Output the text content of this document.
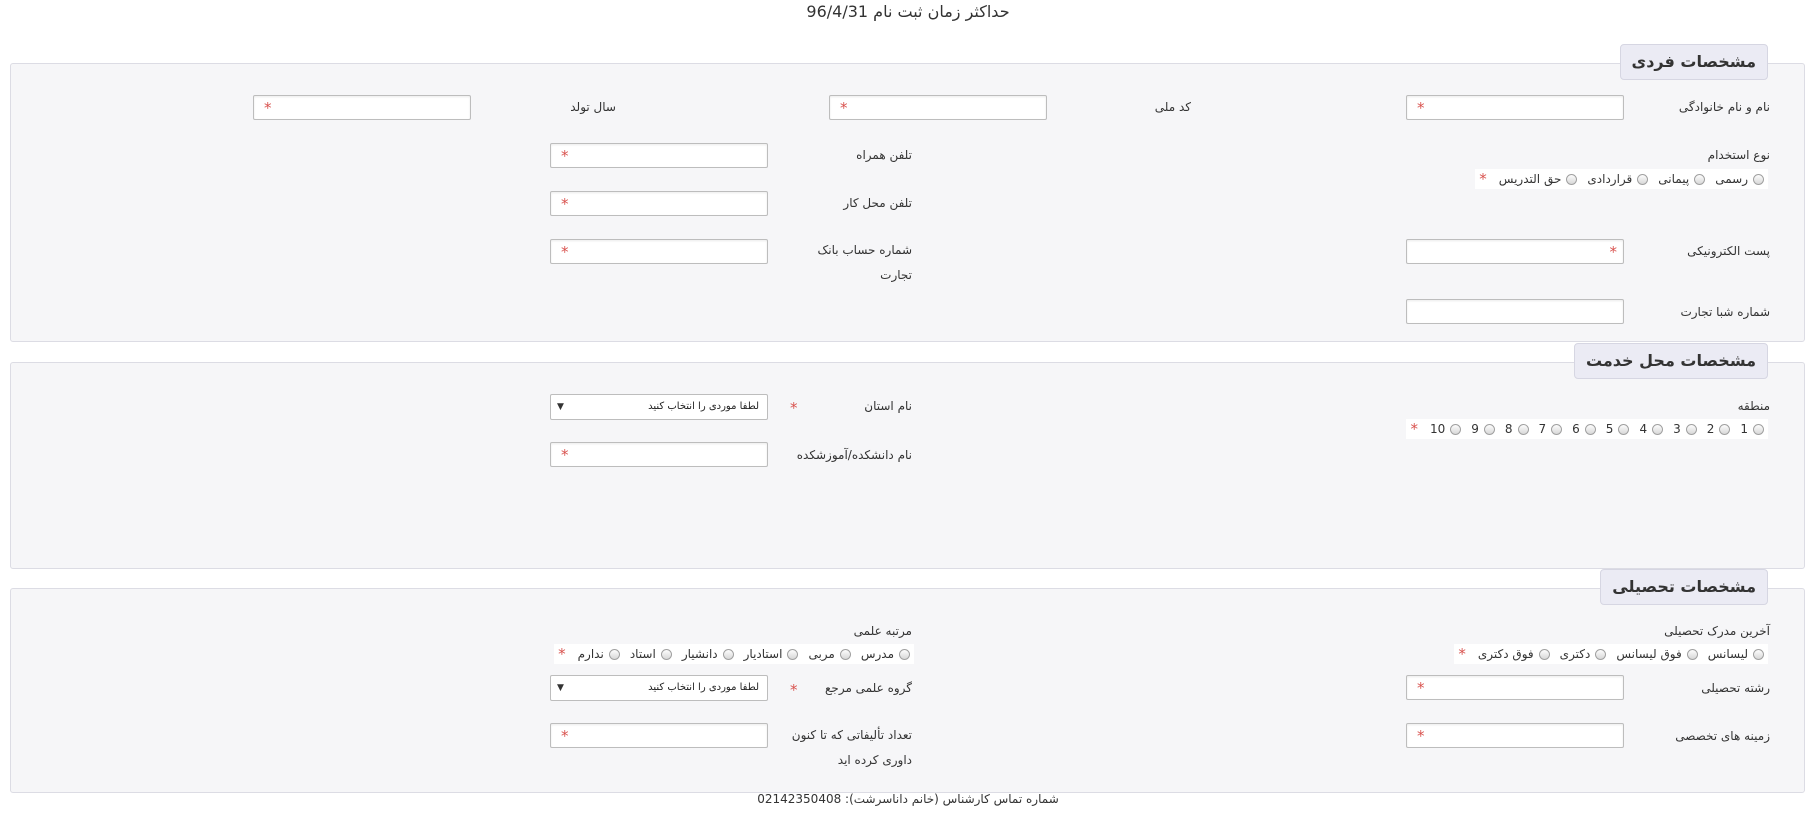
حداکثر زمان ثبت نام 96/4/31
مشخصات فردی
نام و نام خانوادگی
*
کد ملی
*
سال تولد
*
نوع استخدام
رسمی
پیمانی
قراردادی
حق التدریس
*
تلفن همراه
*
تلفن محل کار
*
پست الکترونیکی
*
شماره حساب بانک تجارت
*
شماره شبا تجارت
مشخصات محل خدمت
منطقه
1
2
3
4
5
6
7
8
9
10
*
نام استان
*
لطفا موردی را انتخاب کنید
▼
نام دانشکده/آموزشکده
*
مشخصات تحصیلی
آخرین مدرک تحصیلی
لیسانس
فوق لیسانس
دکتری
فوق دکتری
*
مرتبه علمی
مدرس
مربی
استادیار
دانشیار
استاد
ندارم
*
رشته تحصیلی
*
گروه علمی مرجع
*
لطفا موردی را انتخاب کنید
▼
زمینه های تخصصی
*
تعداد تألیفاتی که تا کنون داوری کرده اید
*
شماره تماس کارشناس (خانم داناسرشت): 02142350408
